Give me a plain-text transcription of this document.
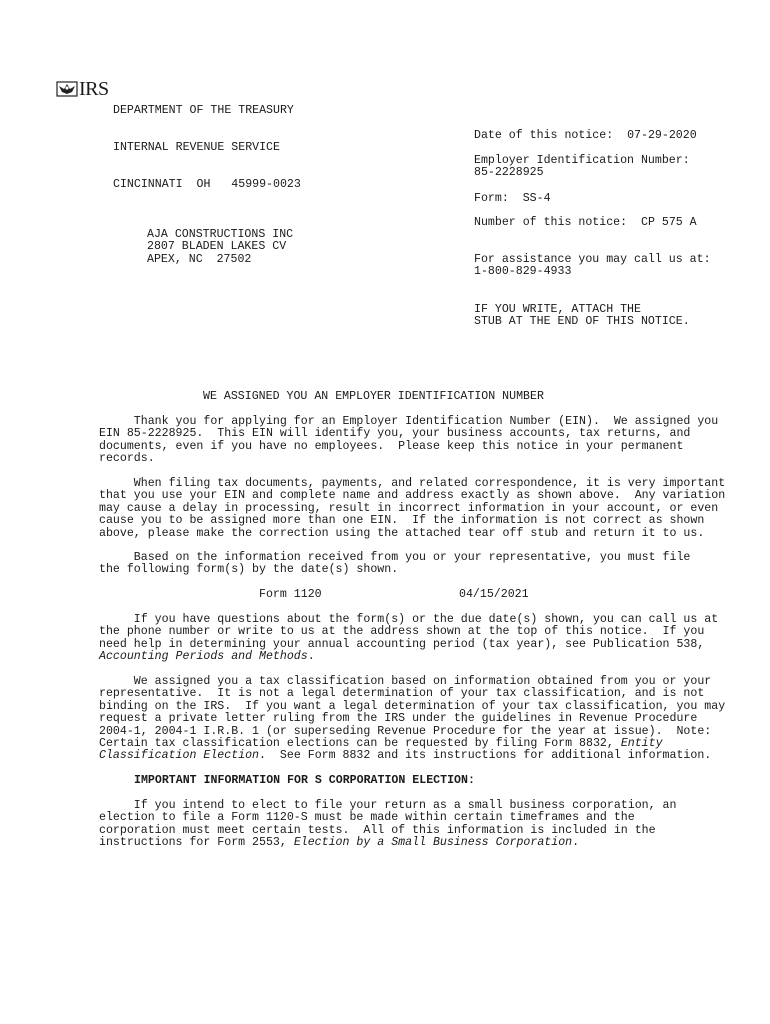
IRS

DEPARTMENT OF THE TREASURY

INTERNAL REVENUE SERVICE

CINCINNATI  OH   45999-0023

Date of this notice: 07-29-2020
Employer Identification Number:
85-2228925
Form: SS-4
Number of this notice: CP 575 A
For assistance you may call us at:
1-800-829-4933
IF YOU WRITE, ATTACH THE
STUB AT THE END OF THIS NOTICE.
AJA CONSTRUCTIONS INC
2807 BLADEN LAKES CV
APEX, NC  27502
WE ASSIGNED YOU AN EMPLOYER IDENTIFICATION NUMBER

Thank you for applying for an Employer Identification Number (EIN).  We assigned you

EIN 85-2228925.  This EIN will identify you, your business accounts, tax returns, and

documents, even if you have no employees.  Please keep this notice in your permanent

records.

When filing tax documents, payments, and related correspondence, it is very important

that you use your EIN and complete name and address exactly as shown above.  Any variation

may cause a delay in processing, result in incorrect information in your account, or even

cause you to be assigned more than one EIN.  If the information is not correct as shown

above, please make the correction using the attached tear off stub and return it to us.

Based on the information received from you or your representative, you must file

the following form(s) by the date(s) shown.

Form 1120	04/15/2021

If you have questions about the form(s) or the due date(s) shown, you can call us at

the phone number or write to us at the address shown at the top of this notice.  If you

need help in determining your annual accounting period (tax year), see Publication 538,

Accounting Periods and Methods.

We assigned you a tax classification based on information obtained from you or your

representative.  It is not a legal determination of your tax classification, and is not

binding on the IRS.  If you want a legal determination of your tax classification, you may

request a private letter ruling from the IRS under the guidelines in Revenue Procedure

2004-1, 2004-1 I.R.B. 1 (or superseding Revenue Procedure for the year at issue).  Note:

Certain tax classification elections can be requested by filing Form 8832, Entity

Classification Election.  See Form 8832 and its instructions for additional information.

IMPORTANT INFORMATION FOR S CORPORATION ELECTION:

If you intend to elect to file your return as a small business corporation, an

election to file a Form 1120-S must be made within certain timeframes and the

corporation must meet certain tests.  All of this information is included in the

instructions for Form 2553, Election by a Small Business Corporation.
